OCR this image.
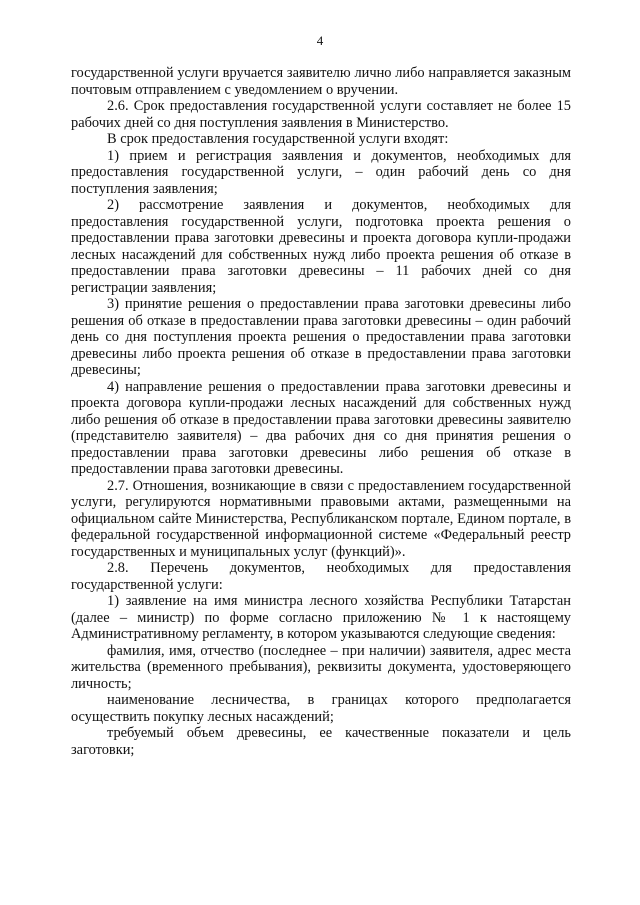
4

государственной услуги вручается заявителю лично либо направляется заказным почтовым отправлением с уведомлением о вручении.

2.6. Срок предоставления государственной услуги составляет не более 15 рабочих дней со дня поступления заявления в Министерство.

В срок предоставления государственной услуги входят:

1) прием и регистрация заявления и документов, необходимых для предоставления государственной услуги, – один рабочий день со дня поступления заявления;

2) рассмотрение заявления и документов, необходимых для предоставления государственной услуги, подготовка проекта решения о предоставлении права заготовки древесины и проекта договора купли-продажи лесных насаждений для собственных нужд либо проекта решения об отказе в предоставлении права заготовки древесины – 11 рабочих дней со дня регистрации заявления;

3) принятие решения о предоставлении права заготовки древесины либо решения об отказе в предоставлении права заготовки древесины – один рабочий день со дня поступления проекта решения о предоставлении права заготовки древесины либо проекта решения об отказе в предоставлении права заготовки древесины;

4) направление решения о предоставлении права заготовки древесины и проекта договора купли-продажи лесных насаждений для собственных нужд либо решения об отказе в предоставлении права заготовки древесины заявителю (представителю заявителя) – два рабочих дня со дня принятия решения о предоставлении права заготовки древесины либо решения об отказе в предоставлении права заготовки древесины.

2.7. Отношения, возникающие в связи с предоставлением государственной услуги, регулируются нормативными правовыми актами, размещенными на официальном сайте Министерства, Республиканском портале, Едином портале, в федеральной государственной информационной системе «Федеральный реестр государственных и муниципальных услуг (функций)».

2.8. Перечень документов, необходимых для предоставления государственной услуги:

1) заявление на имя министра лесного хозяйства Республики Татарстан (далее – министр) по форме согласно приложению № 1 к настоящему Административному регламенту, в котором указываются следующие сведения:

фамилия, имя, отчество (последнее – при наличии) заявителя, адрес места жительства (временного пребывания), реквизиты документа, удостоверяющего личность;

наименование лесничества, в границах которого предполагается осуществить покупку лесных насаждений;

требуемый объем древесины, ее качественные показатели и цель заготовки;
